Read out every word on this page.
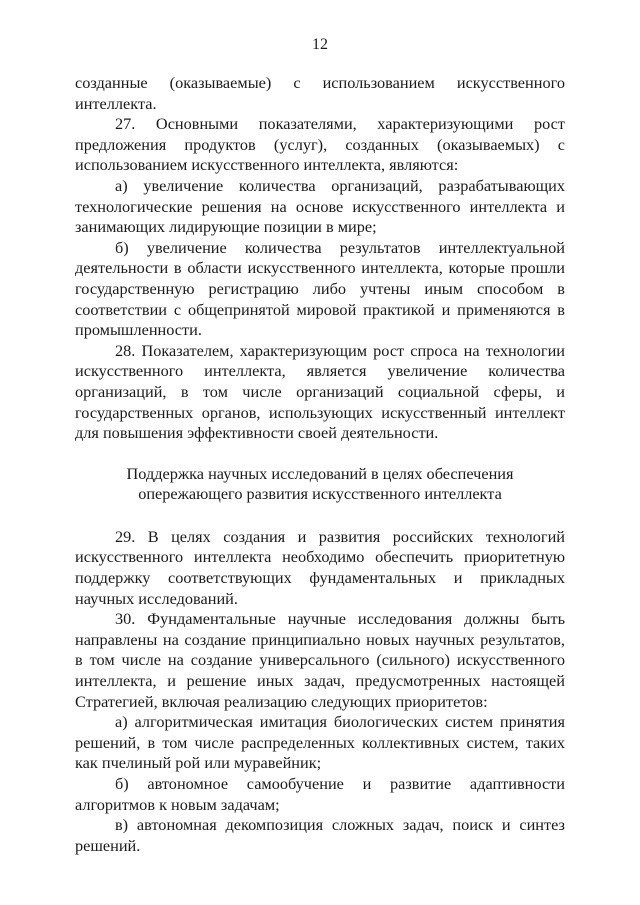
12

созданные (оказываемые) с использованием искусственного интеллекта.

27. Основными показателями, характеризующими рост предложения продуктов (услуг), созданных (оказываемых) с использованием искусственного интеллекта, являются:

а) увеличение количества организаций, разрабатывающих технологические решения на основе искусственного интеллекта и занимающих лидирующие позиции в мире;

б) увеличение количества результатов интеллектуальной деятельности в области искусственного интеллекта, которые прошли государственную регистрацию либо учтены иным способом в соответствии с общепринятой мировой практикой и применяются в промышленности.

28. Показателем, характеризующим рост спроса на технологии искусственного интеллекта, является увеличение количества организаций, в том числе организаций социальной сферы, и государственных органов, использующих искусственный интеллект для повышения эффективности своей деятельности.

Поддержка научных исследований в целях обеспечения
опережающего развития искусственного интеллекта

29. В целях создания и развития российских технологий искусственного интеллекта необходимо обеспечить приоритетную поддержку соответствующих фундаментальных и прикладных научных исследований.

30. Фундаментальные научные исследования должны быть направлены на создание принципиально новых научных результатов, в том числе на создание универсального (сильного) искусственного интеллекта, и решение иных задач, предусмотренных настоящей Стратегией, включая реализацию следующих приоритетов:

а) алгоритмическая имитация биологических систем принятия решений, в том числе распределенных коллективных систем, таких как пчелиный рой или муравейник;

б) автономное самообучение и развитие адаптивности алгоритмов к новым задачам;

в) автономная декомпозиция сложных задач, поиск и синтез решений.
